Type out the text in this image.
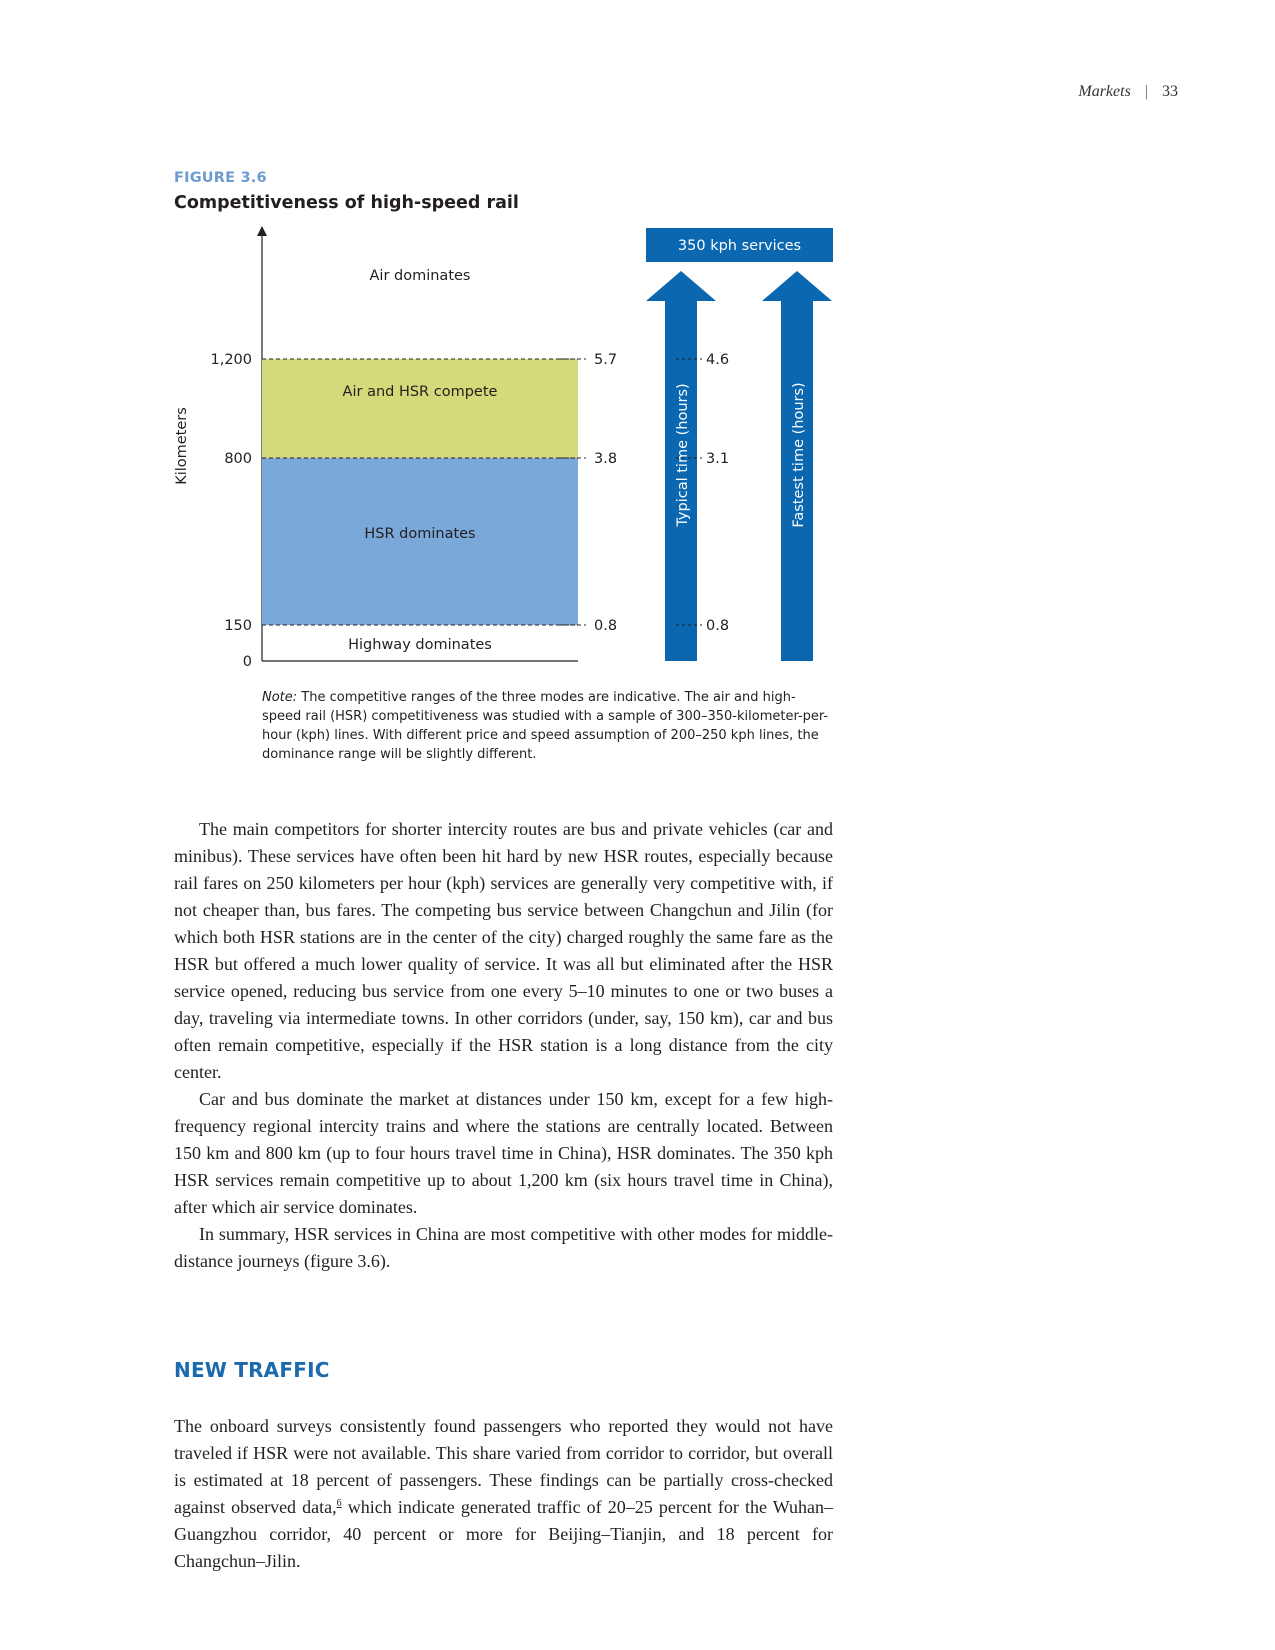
Markets | 33
FIGURE 3.6
Competitiveness of high-speed rail
Air dominates
Air and HSR compete
HSR dominates
Highway dominates
0
150
800
1,200
Kilometers
350 kph services
Typical time (hours)	Fastest time (hours)
0.8
3.8
5.7
0.8
3.1
4.6
Note: The competitive ranges of the three modes are indicative. The air and high-speed rail (HSR) competitiveness was studied with a sample of 300–350-kilometer-per-hour (kph) lines. With different price and speed assumption of 200–250 kph lines, the dominance range will be slightly different.

The main competitors for shorter intercity routes are bus and private vehicles (car and minibus). These services have often been hit hard by new HSR routes, especially because rail fares on 250 kilometers per hour (kph) services are generally very competitive with, if not cheaper than, bus fares. The competing bus service between Changchun and Jilin (for which both HSR stations are in the center of the city) charged roughly the same fare as the HSR but offered a much lower quality of service. It was all but eliminated after the HSR service opened, reducing bus service from one every 5–10 minutes to one or two buses a day, traveling via intermediate towns. In other corridors (under, say, 150 km), car and bus often remain competitive, especially if the HSR station is a long distance from the city center.

Car and bus dominate the market at distances under 150 km, except for a few high-frequency regional intercity trains and where the stations are centrally located. Between 150 km and 800 km (up to four hours travel time in China), HSR dominates. The 350 kph HSR services remain competitive up to about 1,200 km (six hours travel time in China), after which air service dominates.

In summary, HSR services in China are most competitive with other modes for middle-distance journeys (figure 3.6).

NEW TRAFFIC

The onboard surveys consistently found passengers who reported they would not have traveled if HSR were not available. This share varied from corridor to corridor, but overall is estimated at 18 percent of passengers. These findings can be partially cross-checked against observed data,$^6$ which indicate generated traffic of 20–25 percent for the Wuhan–Guangzhou corridor, 40 percent or more for Beijing–Tianjin, and 18 percent for Changchun–Jilin.
